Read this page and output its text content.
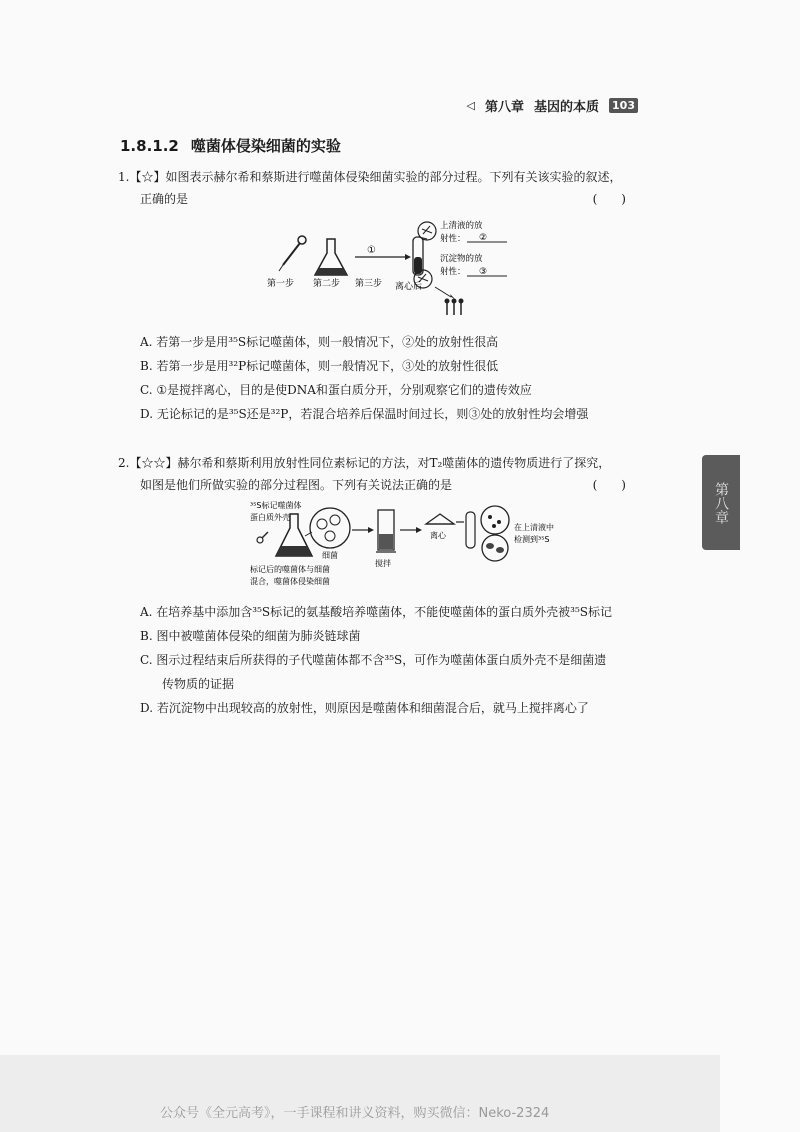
◁ 第八章 基因的本质 103
1.8.1.2 噬菌体侵染细菌的实验
1.【☆】如图表示赫尔希和蔡斯进行噬菌体侵染细菌实验的部分过程。下列有关该实验的叙述，
正确的是	(　　)
第一步 第二步 第三步 离心后
①
上清液的放
射性： ②
沉淀物的放
射性： ③
A. 若第一步是用³⁵S标记噬菌体，则一般情况下，②处的放射性很高
B. 若第一步是用³²P标记噬菌体，则一般情况下，③处的放射性很低
C. ①是搅拌离心，目的是使DNA和蛋白质分开，分别观察它们的遗传效应
D. 无论标记的是³⁵S还是³²P，若混合培养后保温时间过长，则③处的放射性均会增强
2.【☆☆】赫尔希和蔡斯利用放射性同位素标记的方法，对T₂噬菌体的遗传物质进行了探究，
如图是他们所做实验的部分过程图。下列有关说法正确的是	(　　)
³⁵S标记噬菌体
蛋白质外壳
细菌
标记后的噬菌体与细菌
混合，噬菌体侵染细菌
搅拌
离心
在上清液中
检测到³⁵S
A. 在培养基中添加含³⁵S标记的氨基酸培养噬菌体，不能使噬菌体的蛋白质外壳被³⁵S标记
B. 图中被噬菌体侵染的细菌为肺炎链球菌
C. 图示过程结束后所获得的子代噬菌体都不含³⁵S，可作为噬菌体蛋白质外壳不是细菌遗
传物质的证据
D. 若沉淀物中出现较高的放射性，则原因是噬菌体和细菌混合后，就马上搅拌离心了
第八章
公众号《全元高考》，一手课程和讲义资料，购买微信：Neko-2324
